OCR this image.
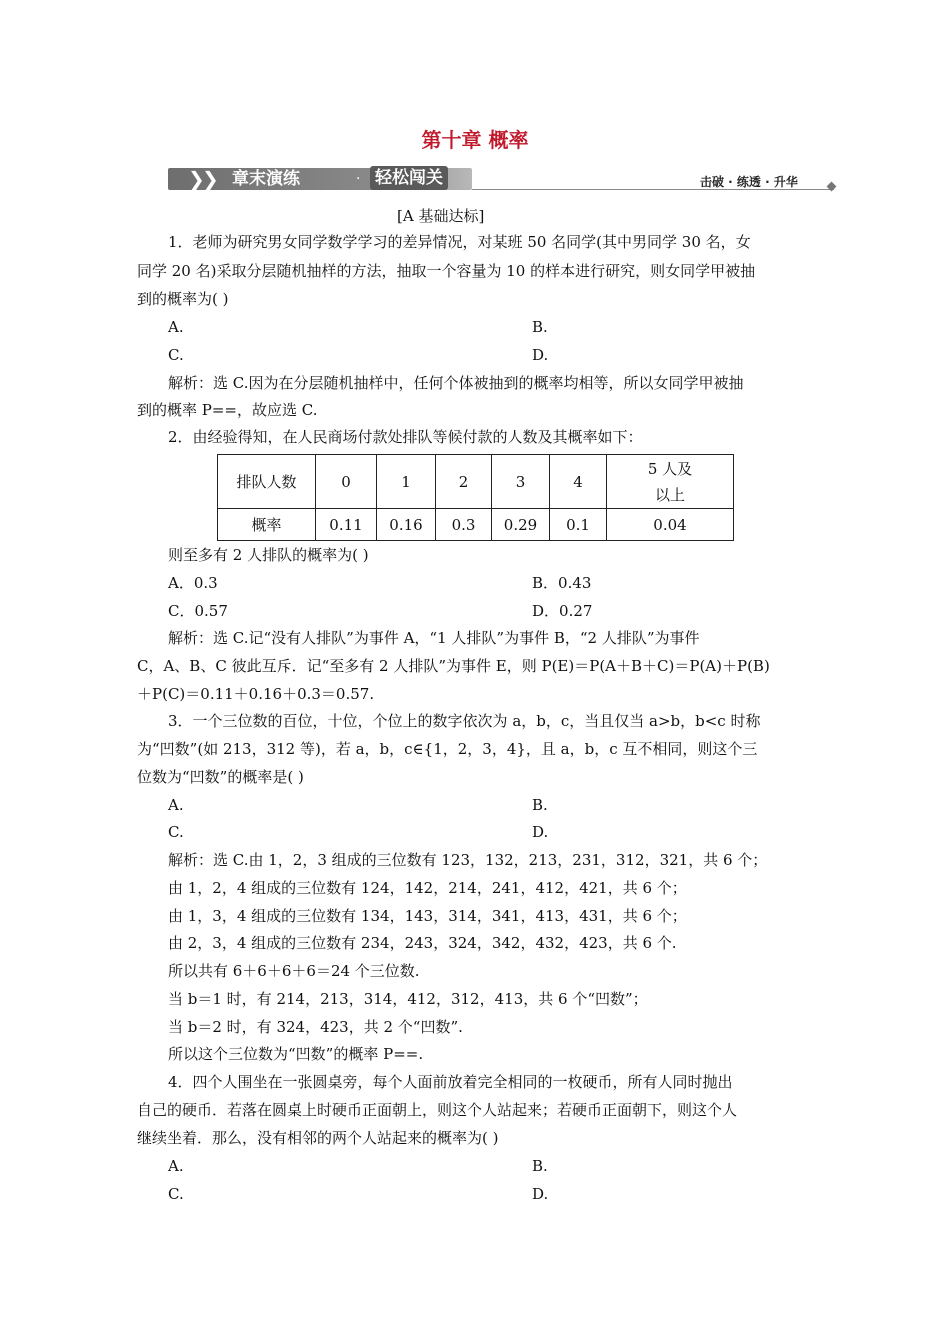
第十章 概率
❯
❯ 章末演练	· 轻松闯关	击破 · 练透 · 升华
[A 基础达标]
1．老师为研究男女同学数学学习的差异情况，对某班 50 名同学(其中男同学 30 名，女
同学 20 名)采取分层随机抽样的方法，抽取一个容量为 10 的样本进行研究，则女同学甲被抽
到的概率为( )
A.	B.
C.	D.
解析：选 C.因为在分层随机抽样中，任何个体被抽到的概率均相等，所以女同学甲被抽
到的概率 P==，故应选 C.
2．由经验得知，在人民商场付款处排队等候付款的人数及其概率如下：
排队人数	0	1	2	3	4	5 人及
以上

概率	0.11	0.16	0.3	0.29	0.1	0.04
则至多有 2 人排队的概率为( )
A．0.3	B．0.43
C．0.57	D．0.27
解析：选 C.记“没有人排队”为事件 A，“1 人排队”为事件 B，“2 人排队”为事件
C，A、B、C 彼此互斥．记“至多有 2 人排队”为事件 E，则 P(E)＝P(A＋B＋C)＝P(A)＋P(B)
＋P(C)＝0.11＋0.16＋0.3＝0.57.
3．一个三位数的百位，十位，个位上的数字依次为 a，b，c，当且仅当 a>b，b<c 时称
为“凹数”(如 213，312 等)，若 a，b，c∈{1，2，3，4}，且 a，b，c 互不相同，则这个三
位数为“凹数”的概率是( )
A.	B.
C.	D.
解析：选 C.由 1，2，3 组成的三位数有 123，132，213，231，312，321，共 6 个；
由 1，2，4 组成的三位数有 124，142，214，241，412，421，共 6 个；
由 1，3，4 组成的三位数有 134，143，314，341，413，431，共 6 个；
由 2，3，4 组成的三位数有 234，243，324，342，432，423，共 6 个.
所以共有 6＋6＋6＋6＝24 个三位数.
当 b＝1 时，有 214，213，314，412，312，413，共 6 个“凹数”；
当 b＝2 时，有 324，423，共 2 个“凹数”.
所以这个三位数为“凹数”的概率 P==.
4．四个人围坐在一张圆桌旁，每个人面前放着完全相同的一枚硬币，所有人同时抛出
自己的硬币．若落在圆桌上时硬币正面朝上，则这个人站起来；若硬币正面朝下，则这个人
继续坐着．那么，没有相邻的两个人站起来的概率为( )
A.	B.
C.	D.
